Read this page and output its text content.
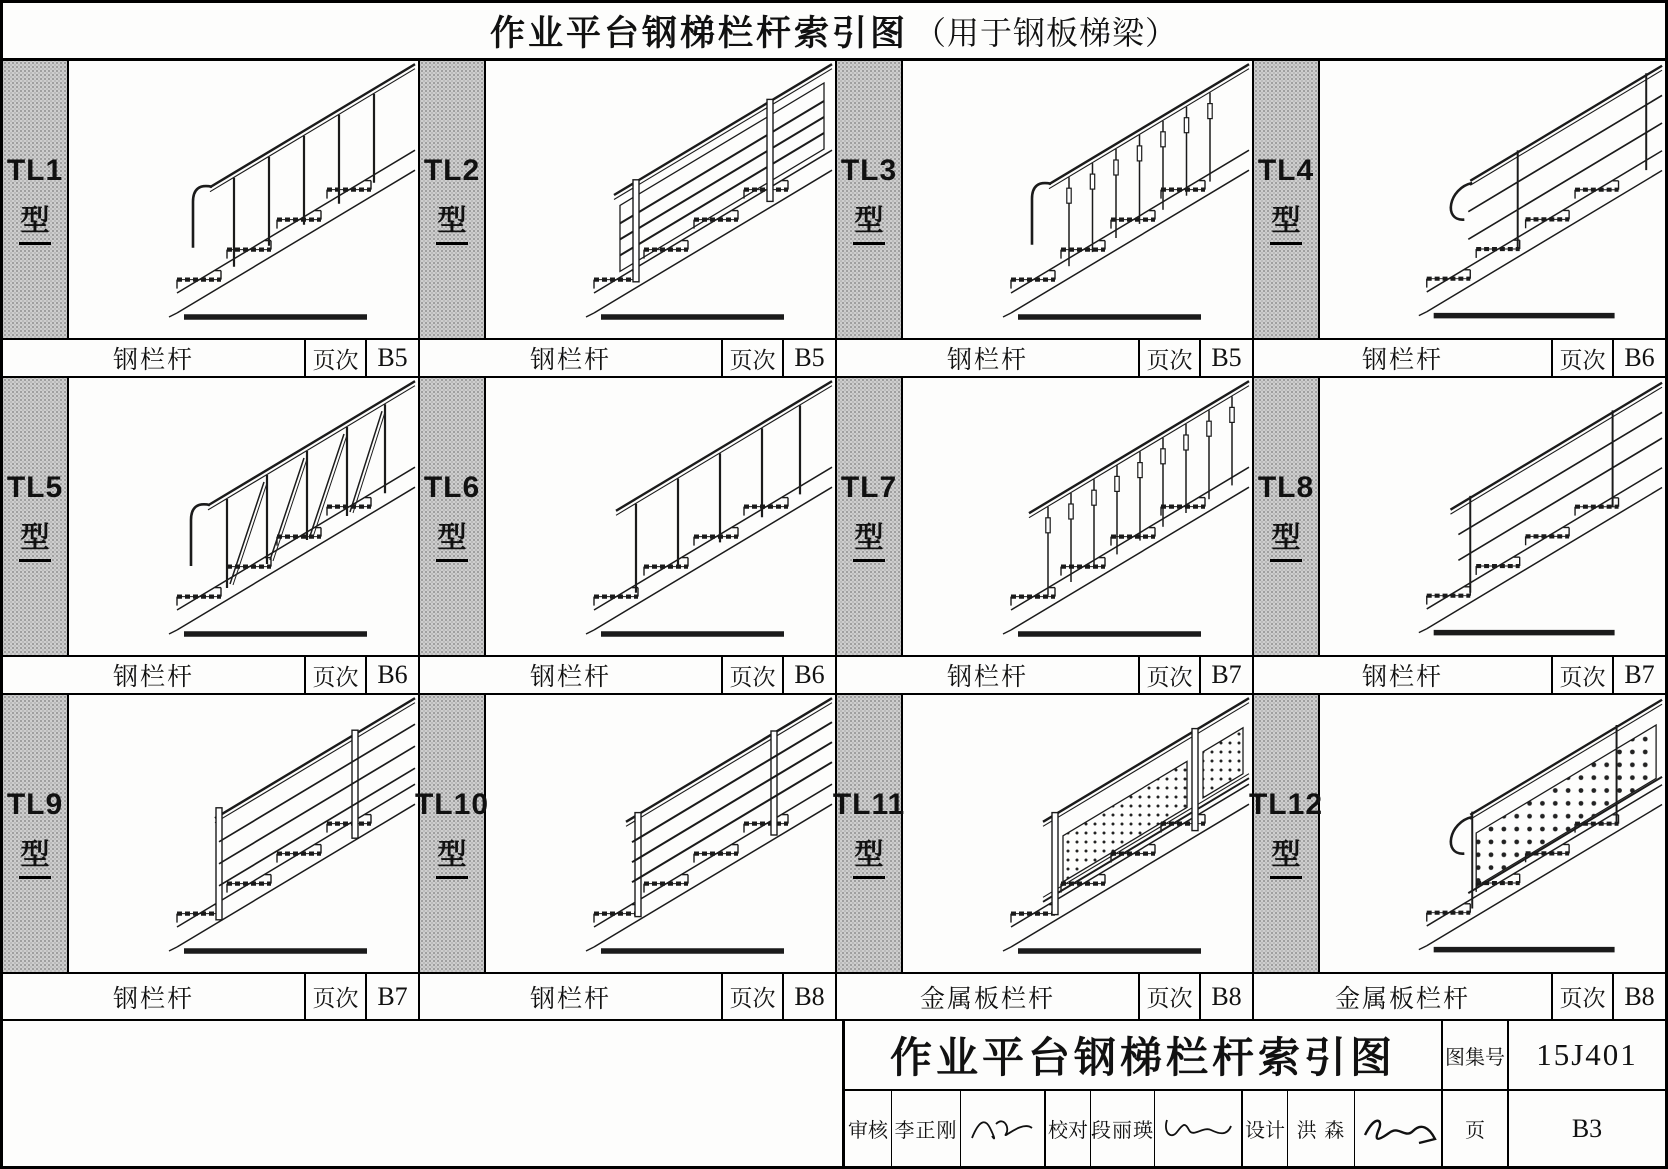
作业平台钢梯栏杆索引图 （用于钢板梯梁）
TL1
型
钢栏杆	页次 B5
TL2
型
钢栏杆	页次 B5
TL3
型
钢栏杆	页次 B5
TL4
型
钢栏杆	页次 B6
TL5
型
钢栏杆	页次 B6
TL6
型
钢栏杆	页次 B6
TL7
型
钢栏杆	页次 B7
TL8
型
钢栏杆	页次 B7
TL9
型
钢栏杆	页次 B7
TL10
型
钢栏杆	页次 B8
TL11
型
金属板栏杆	页次 B8
TL12
型
金属板栏杆	页次 B8
作业平台钢梯栏杆索引图	图集号	15J401
审核 李正刚	校对 段丽瑛	设计 洪 森	页	B3
